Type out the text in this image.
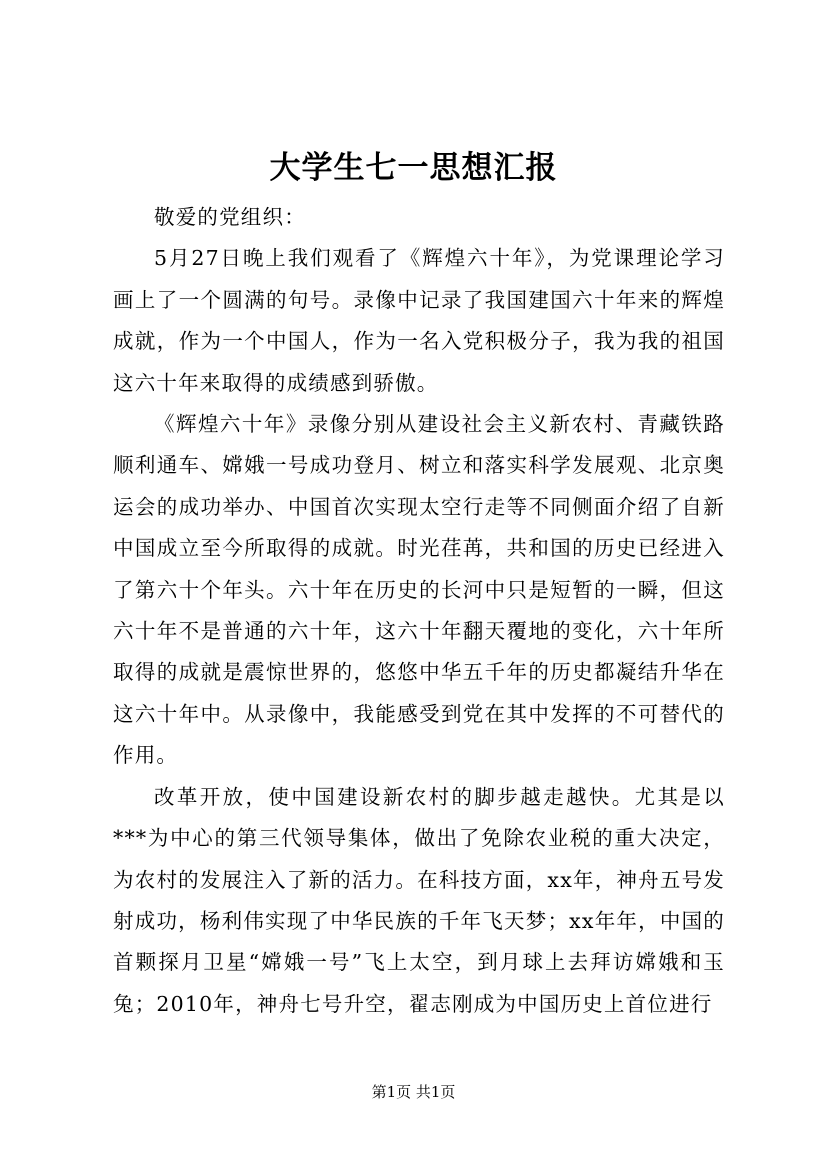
大学生七一思想汇报

敬爱的党组织：

5月27日晚上我们观看了《辉煌六十年》，为党课理论学习画上了一个圆满的句号。录像中记录了我国建国六十年来的辉煌成就，作为一个中国人，作为一名入党积极分子，我为我的祖国这六十年来取得的成绩感到骄傲。

《辉煌六十年》录像分别从建设社会主义新农村、青藏铁路顺利通车、嫦娥一号成功登月、树立和落实科学发展观、北京奥运会的成功举办、中国首次实现太空行走等不同侧面介绍了自新中国成立至今所取得的成就。时光荏苒，共和国的历史已经进入了第六十个年头。六十年在历史的长河中只是短暂的一瞬，但这六十年不是普通的六十年，这六十年翻天覆地的变化，六十年所取得的成就是震惊世界的，悠悠中华五千年的历史都凝结升华在这六十年中。从录像中，我能感受到党在其中发挥的不可替代的作用。

改革开放，使中国建设新农村的脚步越走越快。尤其是以***为中心的第三代领导集体，做出了免除农业税的重大决定，为农村的发展注入了新的活力。在科技方面，xx年，神舟五号发射成功，杨利伟实现了中华民族的千年飞天梦；xx年年，中国的首颗探月卫星“嫦娥一号”飞上太空，到月球上去拜访嫦娥和玉兔；2010年，神舟七号升空，翟志刚成为中国历史上首位进行

第1页 共1页
